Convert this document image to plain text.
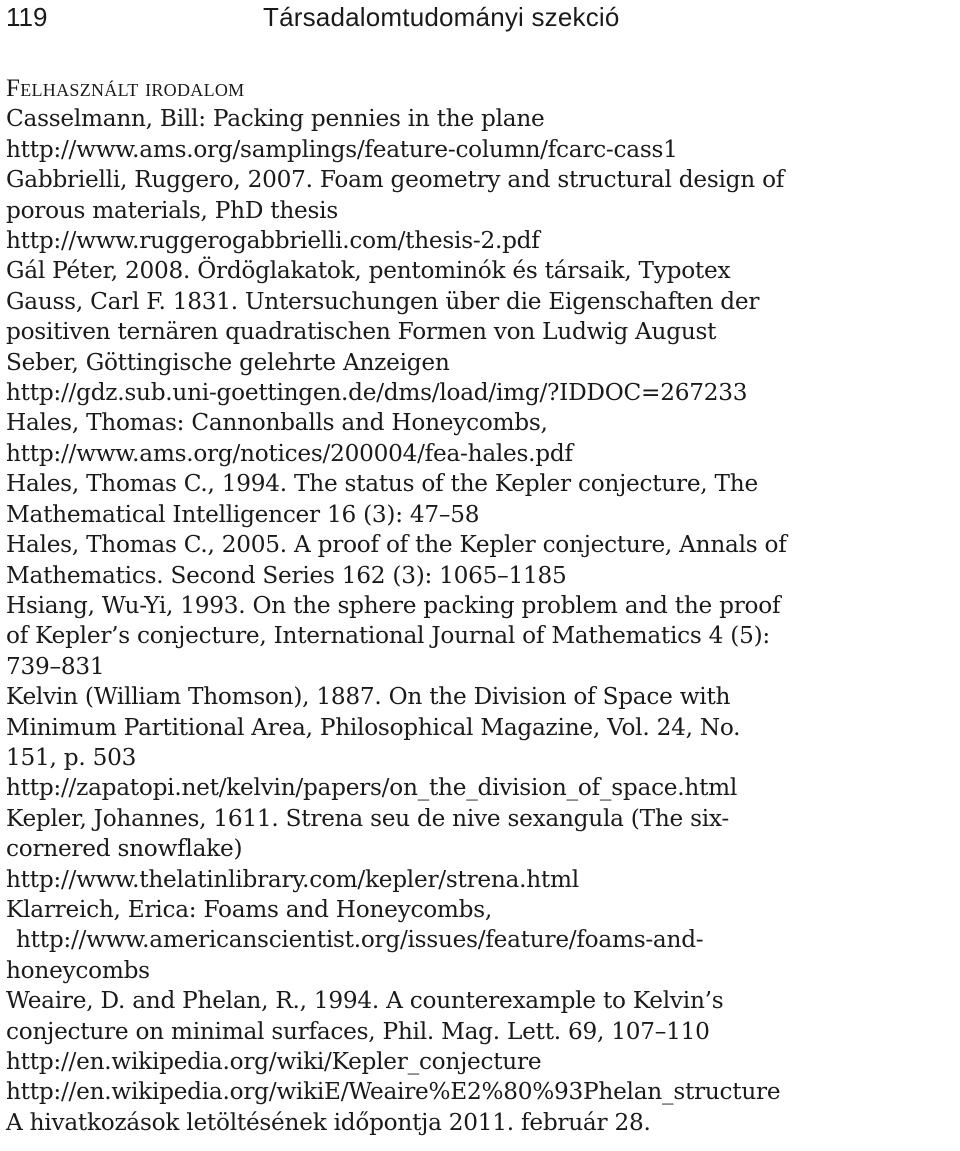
119	Társadalomtudományi szekció

Felhasznált irodalom

Casselmann, Bill: Packing pennies in the plane
http://www.ams.org/samplings/feature-column/fcarc-cass1
Gabbrielli, Ruggero, 2007. Foam geometry and structural design of
porous materials, PhD thesis
http://www.ruggerogabbrielli.com/thesis-2.pdf
Gál Péter, 2008. Ördöglakatok, pentominók és társaik, Typotex
Gauss, Carl F. 1831. Untersuchungen über die Eigenschaften der
positiven ternären quadratischen Formen von Ludwig August
Seber, Göttingische gelehrte Anzeigen
http://gdz.sub.uni-goettingen.de/dms/load/img/?IDDOC=267233
Hales, Thomas: Cannonballs and Honeycombs,
http://www.ams.org/notices/200004/fea-hales.pdf
Hales, Thomas C., 1994. The status of the Kepler conjecture, The
Mathematical Intelligencer 16 (3): 47–58
Hales, Thomas C., 2005. A proof of the Kepler conjecture, Annals of
Mathematics. Second Series 162 (3): 1065–1185
Hsiang, Wu-Yi, 1993. On the sphere packing problem and the proof
of Kepler’s conjecture, International Journal of Mathematics 4 (5):
739–831
Kelvin (William Thomson), 1887. On the Division of Space with
Minimum Partitional Area, Philosophical Magazine, Vol. 24, No.
151, p. 503
http://zapatopi.net/kelvin/papers/on_the_division_of_space.html
Kepler, Johannes, 1611. Strena seu de nive sexangula (The six-
cornered snowflake)
http://www.thelatinlibrary.com/kepler/strena.html
Klarreich, Erica: Foams and Honeycombs,
http://www.americanscientist.org/issues/feature/foams-and-
honeycombs
Weaire, D. and Phelan, R., 1994. A counterexample to Kelvin’s
conjecture on minimal surfaces, Phil. Mag. Lett. 69, 107–110
http://en.wikipedia.org/wiki/Kepler_conjecture
http://en.wikipedia.org/wikiE/Weaire%E2%80%93Phelan_structure
A hivatkozások letöltésének időpontja 2011. február 28.
